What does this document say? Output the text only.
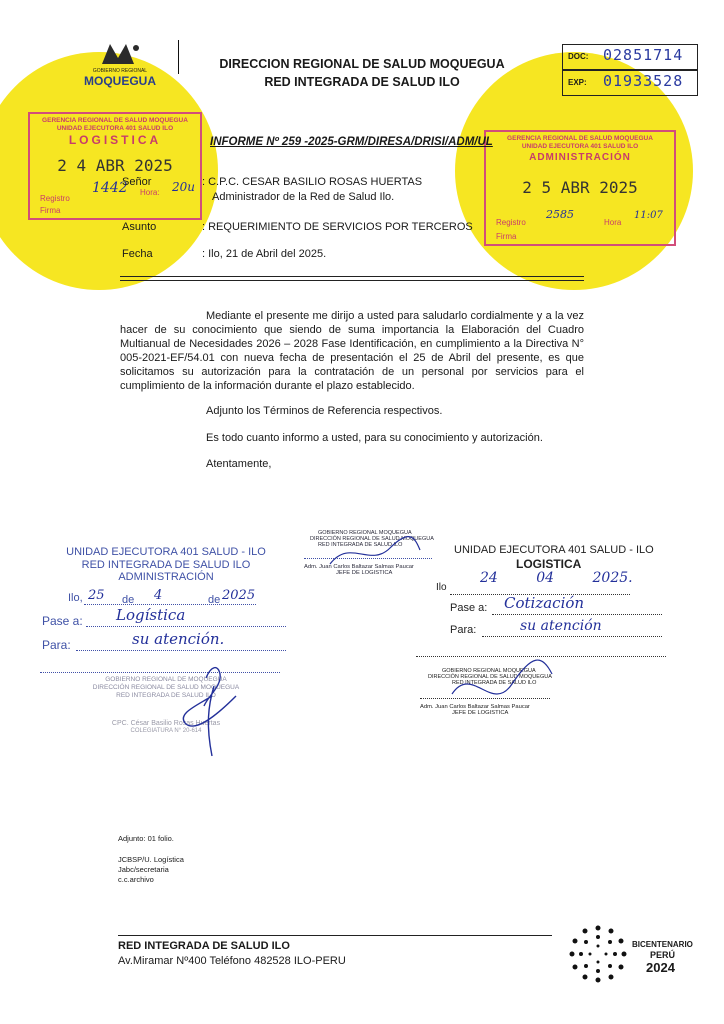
GOBIERNO REGIONAL
MOQUEGUA
DIRECCION REGIONAL DE SALUD MOQUEGUA
RED INTEGRADA DE SALUD ILO
DOC: 02851714
EXP: 01933528
GERENCIA REGIONAL DE SALUD MOQUEGUA
UNIDAD EJECUTORA 401 SALUD ILO
LOGISTICA
2 4 ABR 2025
Registro
1442 Hora: 20u
Firma
GERENCIA REGIONAL DE SALUD MOQUEGUA
UNIDAD EJECUTORA 401 SALUD ILO
ADMINISTRACIÓN
2 5 ABR 2025
Registro
2585
Hora
11:07
Firma
INFORME Nº 259 -2025-GRM/DIRESA/DRISI/ADM/UL
Señor	: C.P.C. CESAR BASILIO ROSAS HUERTAS
Administrador de la Red de Salud Ilo.
Asunto	: REQUERIMIENTO DE SERVICIOS POR TERCEROS
Fecha	: Ilo, 21 de Abril del 2025.
Mediante el presente me dirijo a usted para saludarlo cordialmente y a la vez hacer de su conocimiento que siendo de suma importancia la Elaboración del Cuadro Multianual de Necesidades 2026 – 2028 Fase Identificación, en cumplimiento a la Directiva N° 005-2021-EF/54.01 con nueva fecha de presentación el 25 de Abril del presente, es que solicitamos su autorización para la contratación de un personal por servicios para el cumplimiento de la información durante el plazo establecido.
Adjunto los Términos de Referencia respectivos.
Es todo cuanto informo a usted, para su conocimiento y autorización.
Atentamente,
GOBIERNO REGIONAL MOQUEGUA
DIRECCIÓN REGIONAL DE SALUD MOQUEGUA
RED INTEGRADA DE SALUD ILO
Adm. Juan Carlos Baltazar Salmas Paucar
JEFE DE LOGISTICA
UNIDAD EJECUTORA 401 SALUD - ILO
RED INTEGRADA DE SALUD ILO
ADMINISTRACIÓN
Ilo, 25 de 4	de 2025
Pase a: Logística
Para:	su atención.
GOBIERNO REGIONAL DE MOQUEGUA
DIRECCIÓN REGIONAL DE SALUD MOQUEGUA
RED INTEGRADA DE SALUD ILO
CPC. César Basilio Rosas Huertas
COLEGIATURA N° 20-614
UNIDAD EJECUTORA 401 SALUD - ILO
LOGISTICA
Ilo
24 04 2025.
Pase a: Cotización
Para:	su atención
GOBIERNO REGIONAL MOQUEGUA
DIRECCIÓN REGIONAL DE SALUD MOQUEGUA
RED INTEGRADA DE SALUD ILO
Adm. Juan Carlos Baltazar Salmas Paucar
JEFE DE LOGISTICA
Adjunto: 01 folio.
JCBSP/U. Logística
Jabc/secretaria
c.c.archivo
RED INTEGRADA DE SALUD ILO
Av.Miramar Nº400 Teléfono 482528 ILO-PERU
BICENTENARIO
PERÚ
2024
